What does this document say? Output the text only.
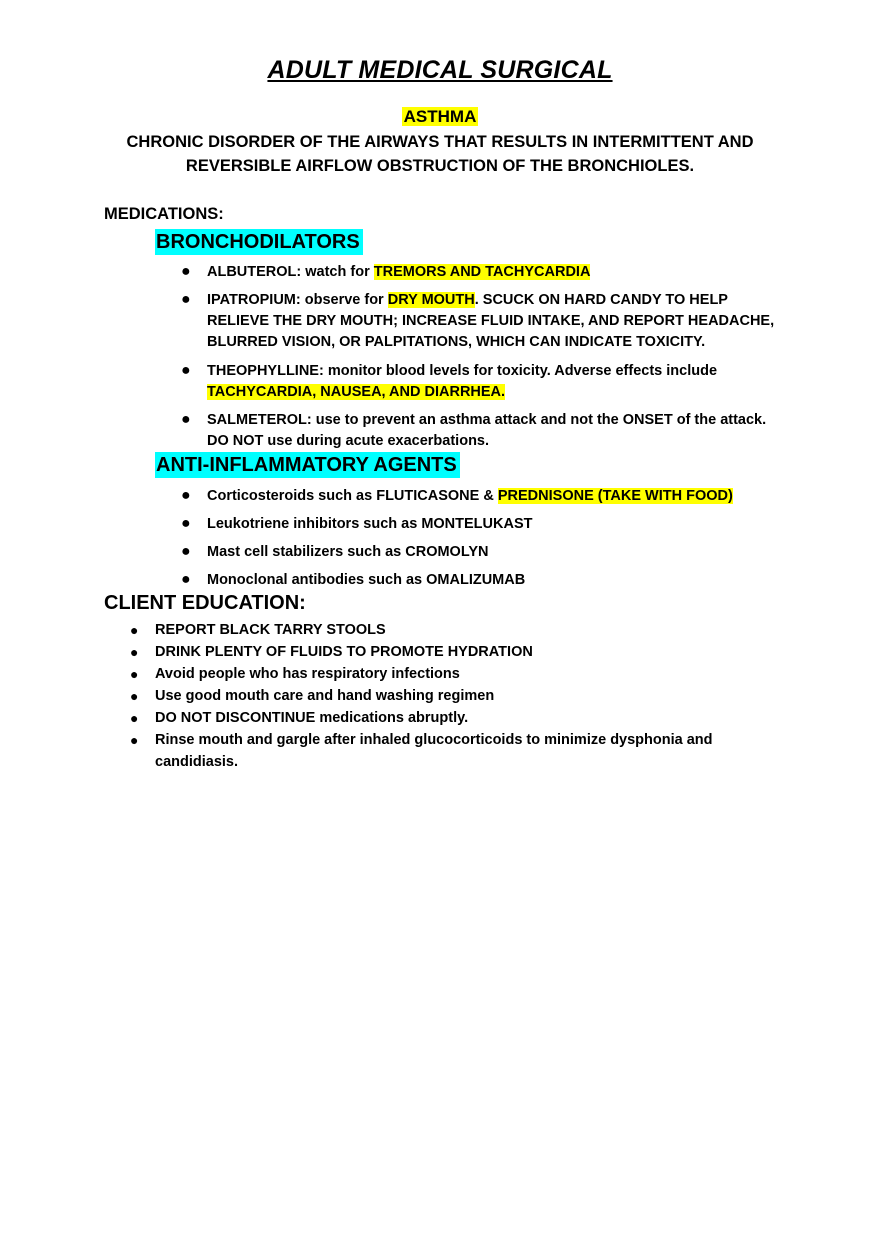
ADULT MEDICAL SURGICAL
ASTHMA
CHRONIC DISORDER OF THE AIRWAYS THAT RESULTS IN INTERMITTENT AND REVERSIBLE AIRFLOW OBSTRUCTION OF THE BRONCHIOLES.
MEDICATIONS:
BRONCHODILATORS
● ALBUTEROL: watch for TREMORS AND TACHYCARDIA
● IPATROPIUM: observe for DRY MOUTH. SCUCK ON HARD CANDY TO HELP RELIEVE THE DRY MOUTH; INCREASE FLUID INTAKE, AND REPORT HEADACHE, BLURRED VISION, OR PALPITATIONS, WHICH CAN INDICATE TOXICITY.
● THEOPHYLLINE: monitor blood levels for toxicity. Adverse effects include TACHYCARDIA, NAUSEA, AND DIARRHEA.
● SALMETEROL: use to prevent an asthma attack and not the ONSET of the attack. DO NOT use during acute exacerbations.
ANTI-INFLAMMATORY AGENTS
● Corticosteroids such as FLUTICASONE & PREDNISONE (TAKE WITH FOOD)
● Leukotriene inhibitors such as MONTELUKAST
● Mast cell stabilizers such as CROMOLYN
● Monoclonal antibodies such as OMALIZUMAB
CLIENT EDUCATION:
● REPORT BLACK TARRY STOOLS
● DRINK PLENTY OF FLUIDS TO PROMOTE HYDRATION
● Avoid people who has respiratory infections
● Use good mouth care and hand washing regimen
● DO NOT DISCONTINUE medications abruptly.
● Rinse mouth and gargle after inhaled glucocorticoids to minimize dysphonia and candidiasis.
